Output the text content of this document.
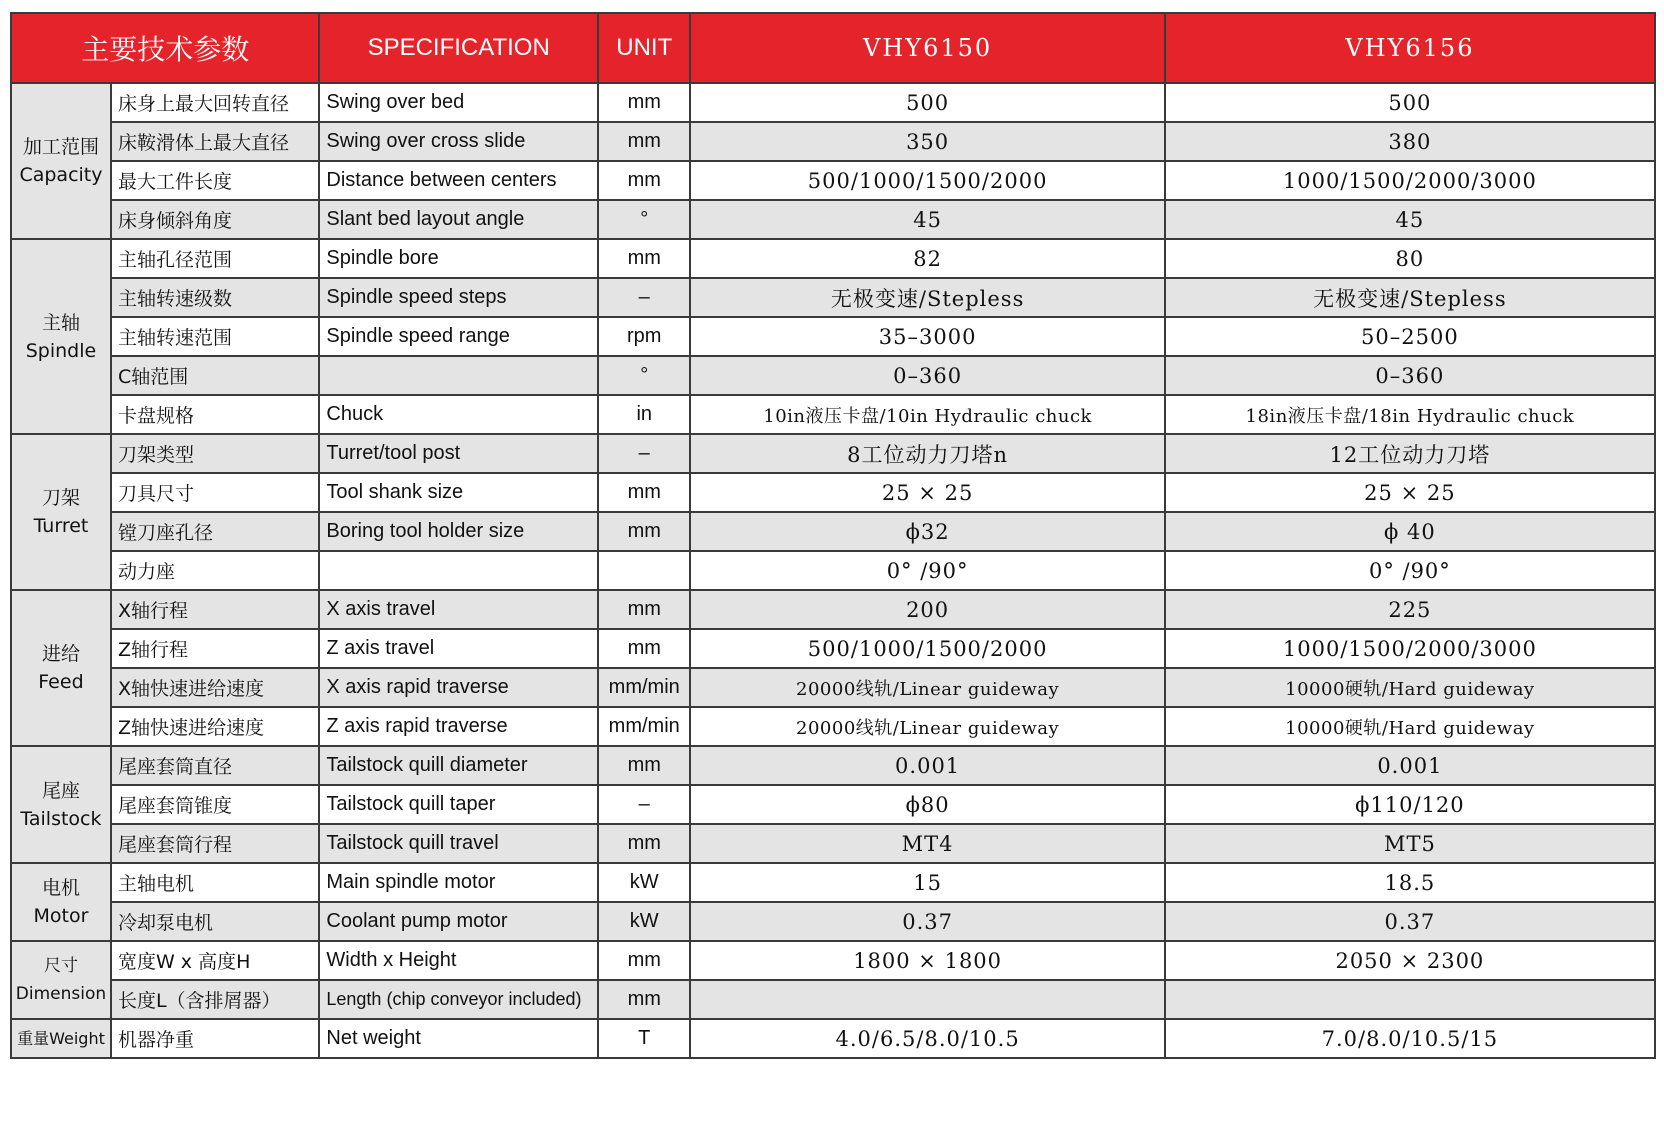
主要技术参数		SPECIFICATION	UNIT	VHY6150	VHY6156

加工范围
Capacity	床身上最大回转直径	Swing over bed	mm	500	500
	床鞍滑体上最大直径	Swing over cross slide	mm	350	380
	最大工件长度	Distance between centers	mm	500/1000/1500/2000	1000/1500/2000/3000
	床身倾斜角度	Slant bed layout angle	°	45	45

主轴
Spindle	主轴孔径范围	Spindle bore	mm	82	80
	主轴转速级数	Spindle speed steps	–	无极变速/Stepless	无极变速/Stepless
	主轴转速范围	Spindle speed range	rpm	35–3000	50–2500
	C轴范围		°	0–360	0–360
	卡盘规格	Chuck	in	10in液压卡盘/10in Hydraulic chuck	18in液压卡盘/18in Hydraulic chuck

刀架
Turret	刀架类型	Turret/tool post	–	8工位动力刀塔n	12工位动力刀塔
	刀具尺寸	Tool shank size	mm	25 × 25	25 × 25
	镗刀座孔径	Boring tool holder size	mm	ϕ32	ϕ 40
	动力座			0° /90°	0° /90°

进给
Feed	X轴行程	X axis travel	mm	200	225
	Z轴行程	Z axis travel	mm	500/1000/1500/2000	1000/1500/2000/3000
	X轴快速进给速度	X axis rapid traverse	mm/min	20000线轨/Linear guideway	10000硬轨/Hard guideway
	Z轴快速进给速度	Z axis rapid traverse	mm/min	20000线轨/Linear guideway	10000硬轨/Hard guideway

尾座
Tailstock	尾座套筒直径	Tailstock quill diameter	mm	0.001	0.001
	尾座套筒锥度	Tailstock quill taper	–	ϕ80	ϕ110/120
	尾座套筒行程	Tailstock quill travel	mm	MT4	MT5

电机
Motor	主轴电机	Main spindle motor	kW	15	18.5
	冷却泵电机	Coolant pump motor	kW	0.37	0.37

尺寸
Dimension	宽度W x 高度H	Width x Height	mm	1800 × 1800	2050 × 2300
	长度L（含排屑器）	Length (chip conveyor included)	mm		
重量Weight	机器净重	Net weight	T	4.0/6.5/8.0/10.5	7.0/8.0/10.5/15
